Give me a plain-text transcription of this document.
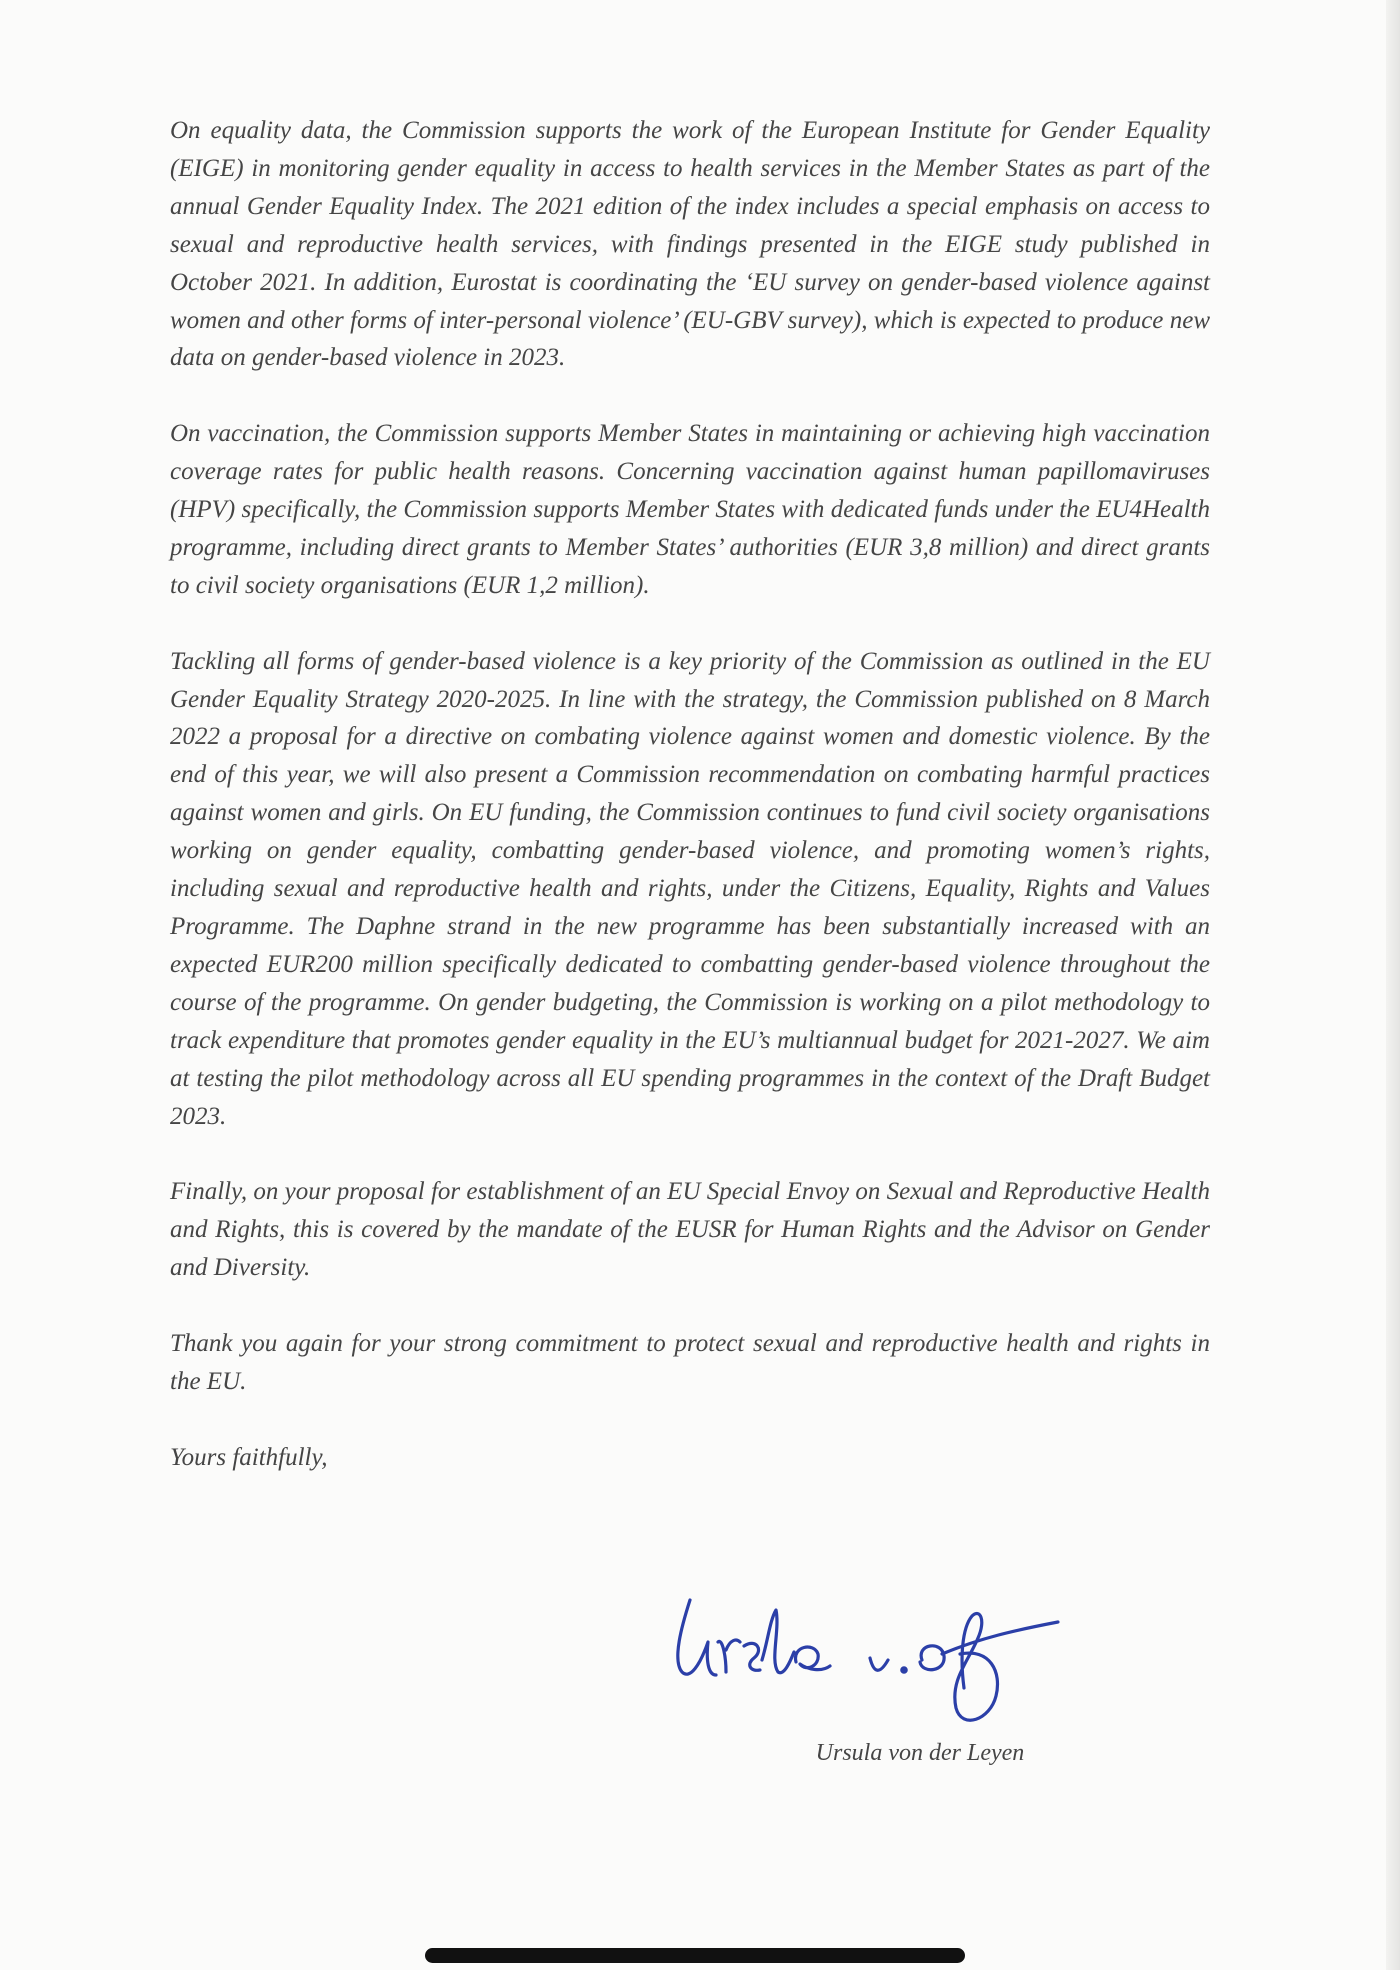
On equality data, the Commission supports the work of the European Institute for Gender Equality (EIGE) in monitoring gender equality in access to health services in the Member States as part of the annual Gender Equality Index. The 2021 edition of the index includes a special emphasis on access to sexual and reproductive health services, with findings presented in the EIGE study published in October 2021. In addition, Eurostat is coordinating the ‘EU survey on gender-based violence against women and other forms of inter-personal violence’ (EU-GBV survey), which is expected to produce new data on gender-based violence in 2023.

On vaccination, the Commission supports Member States in maintaining or achieving high vaccination coverage rates for public health reasons. Concerning vaccination against human papillomaviruses (HPV) specifically, the Commission supports Member States with dedicated funds under the EU4Health programme, including direct grants to Member States’ authorities (EUR 3,8 million) and direct grants to civil society organisations (EUR 1,2 million).

Tackling all forms of gender-based violence is a key priority of the Commission as outlined in the EU Gender Equality Strategy 2020-2025. In line with the strategy, the Commission published on 8 March 2022 a proposal for a directive on combating violence against women and domestic violence. By the end of this year, we will also present a Commission recommendation on combating harmful practices against women and girls. On EU funding, the Commission continues to fund civil society organisations working on gender equality, combatting gender-based violence, and promoting women’s rights, including sexual and reproductive health and rights, under the Citizens, Equality, Rights and Values Programme. The Daphne strand in the new programme has been substantially increased with an expected EUR200 million specifically dedicated to combatting gender-based violence throughout the course of the programme. On gender budgeting, the Commission is working on a pilot methodology to track expenditure that promotes gender equality in the EU’s multiannual budget for 2021-2027. We aim at testing the pilot methodology across all EU spending programmes in the context of the Draft Budget 2023.

Finally, on your proposal for establishment of an EU Special Envoy on Sexual and Reproductive Health and Rights, this is covered by the mandate of the EUSR for Human Rights and the Advisor on Gender and Diversity.

Thank you again for your strong commitment to protect sexual and reproductive health and rights in the EU.

Yours faithfully,

Ursula von der Leyen
